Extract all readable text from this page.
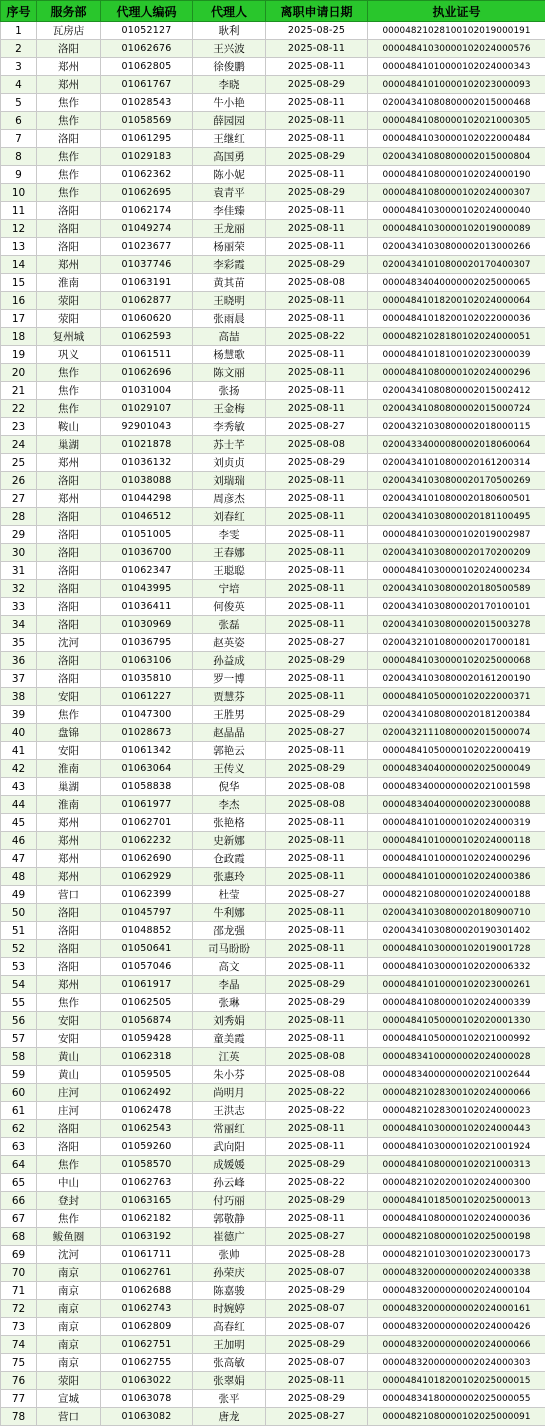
序号	服务部	代理人编码	代理人	离职申请日期	执业证号
1	瓦房店	01052127	耿利	2025-08-25	00004821028100102019000191
2	洛阳	01062676	王兴波	2025-08-11	00004841030000102024000576
3	郑州	01062805	徐俊鹏	2025-08-11	00004841010000102024000343
4	郑州	01061767	李晓	2025-08-29	00004841010000102023000093
5	焦作	01028543	牛小艳	2025-08-11	02004341080800002015000468
6	焦作	01058569	薛园园	2025-08-11	00004841080000102021000305
7	洛阳	01061295	王继红	2025-08-11	00004841030000102022000484
8	焦作	01029183	高国勇	2025-08-29	02004341080800002015000804
9	焦作	01062362	陈小妮	2025-08-11	00004841080000102024000190
10	焦作	01062695	袁青平	2025-08-29	00004841080000102024000307
11	洛阳	01062174	李佳臻	2025-08-11	00004841030000102024000040
12	洛阳	01049274	王龙丽	2025-08-11	00004841030000102019000089
13	洛阳	01023677	杨丽荣	2025-08-11	02004341030800002013000266
14	郑州	01037746	李彩霞	2025-08-29	02004341010800020170400307
15	淮南	01063191	黄其苗	2025-08-08	00004834040000002025000065
16	荥阳	01062877	王晓明	2025-08-11	00004841018200102024000064
17	荥阳	01060620	张雨晨	2025-08-11	00004841018200102022000036
18	复州城	01062593	高喆	2025-08-22	00004821028180102024000051
19	巩义	01061511	杨慧歌	2025-08-11	00004841018100102023000039
20	焦作	01062696	陈文丽	2025-08-11	00004841080000102024000296
21	焦作	01031004	张扬	2025-08-11	02004341080800002015002412
22	焦作	01029107	王金梅	2025-08-11	02004341080800002015000724
23	鞍山	92901043	李秀敏	2025-08-27	02004321030800002018000115
24	巢湖	01021878	苏士芊	2025-08-08	02004334000080002018060064
25	郑州	01036132	刘贞贞	2025-08-29	02004341010800020161200314
26	洛阳	01038088	刘瑞瑞	2025-08-11	02004341030800020170500269
27	郑州	01044298	周彦杰	2025-08-11	02004341010800020180600501
28	洛阳	01046512	刘春红	2025-08-11	02004341030800020181100495
29	洛阳	01051005	李雯	2025-08-11	00004841030000102019002987
30	洛阳	01036700	王春娜	2025-08-11	02004341030800020170200209
31	洛阳	01062347	王聪聪	2025-08-11	00004841030000102024000234
32	洛阳	01043995	宁培	2025-08-11	02004341030800020180500589
33	洛阳	01036411	何俊英	2025-08-11	02004341030800020170100101
34	洛阳	01030969	张磊	2025-08-11	02004341030800002015003278
35	沈河	01036795	赵英姿	2025-08-27	02004321010800002017000181
36	洛阳	01063106	孙益成	2025-08-29	00004841030000102025000068
37	洛阳	01035810	罗一博	2025-08-11	02004341030800020161200190
38	安阳	01061227	贾慧芬	2025-08-11	00004841050000102022000371
39	焦作	01047300	王胜男	2025-08-29	02004341080800020181200384
40	盘锦	01028673	赵晶晶	2025-08-27	02004321110800002015000074
41	安阳	01061342	郭艳云	2025-08-11	00004841050000102022000419
42	淮南	01063064	王传义	2025-08-29	00004834040000002025000049
43	巢湖	01058838	倪华	2025-08-08	00004834000000002021001598
44	淮南	01061977	李杰	2025-08-08	00004834040000002023000088
45	郑州	01062701	张艳格	2025-08-11	00004841010000102024000319
46	郑州	01062232	史新娜	2025-08-11	00004841010000102024000118
47	郑州	01062690	仓政霞	2025-08-11	00004841010000102024000296
48	郑州	01062929	张惠玲	2025-08-11	00004841010000102024000386
49	营口	01062399	杜莹	2025-08-27	00004821080000102024000188
50	洛阳	01045797	牛利娜	2025-08-11	02004341030800020180900710
51	洛阳	01048852	邵龙强	2025-08-11	02004341030800020190301402
52	洛阳	01050641	司马盼盼	2025-08-11	00004841030000102019001728
53	洛阳	01057046	高文	2025-08-11	00004841030000102020006332
54	郑州	01061917	李晶	2025-08-29	00004841010000102023000261
55	焦作	01062505	张琳	2025-08-29	00004841080000102024000339
56	安阳	01056874	刘秀娟	2025-08-11	00004841050000102020001330
57	安阳	01059428	童美霞	2025-08-11	00004841050000102021000992
58	黄山	01062318	江英	2025-08-08	00004834100000002024000028
59	黄山	01059505	朱小芬	2025-08-08	00004834000000002021002644
60	庄河	01062492	尚明月	2025-08-22	00004821028300102024000066
61	庄河	01062478	王洪志	2025-08-22	00004821028300102024000023
62	洛阳	01062543	常丽红	2025-08-11	00004841030000102024000443
63	洛阳	01059260	武向阳	2025-08-11	00004841030000102021001924
64	焦作	01058570	成媛媛	2025-08-29	00004841080000102021000313
65	中山	01062763	孙云峰	2025-08-22	00004821020200102024000300
66	登封	01063165	付巧丽	2025-08-29	00004841018500102025000013
67	焦作	01062182	郭敬静	2025-08-11	00004841080000102024000036
68	鲅鱼圈	01063192	崔德广	2025-08-27	00004821080000102025000198
69	沈河	01061711	张帅	2025-08-28	00004821010300102023000173
70	南京	01062761	孙荣庆	2025-08-07	00004832000000002024000338
71	南京	01062688	陈嘉骏	2025-08-29	00004832000000002024000104
72	南京	01062743	时婉婷	2025-08-07	00004832000000002024000161
73	南京	01062809	高春红	2025-08-07	00004832000000002024000426
74	南京	01062751	王加明	2025-08-29	00004832000000002024000066
75	南京	01062755	张高敏	2025-08-07	00004832000000002024000303
76	荥阳	01063022	张翠娟	2025-08-11	00004841018200102025000015
77	宣城	01063078	张平	2025-08-29	00004834180000002025000055
78	营口	01063082	唐龙	2025-08-27	00004821080000102025000091
